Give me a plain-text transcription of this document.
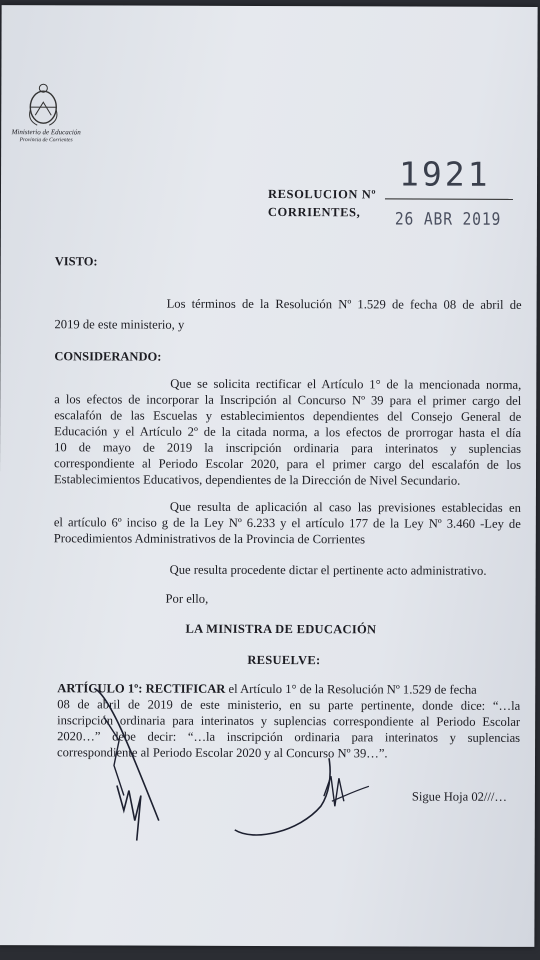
Ministerio de Educación
Provincia de Corrientes
1921
RESOLUCION Nº
CORRIENTES, 26 ABR 2019
VISTO:
Los términos de la Resolución Nº 1.529 de fecha 08 de abril de
2019 de este ministerio, y
CONSIDERANDO:
Que se solicita rectificar el Artículo 1° de la mencionada norma,
a los efectos de incorporar la Inscripción al Concurso Nº 39 para el primer cargo del
escalafón de las Escuelas y establecimientos dependientes del Consejo General de
Educación y el Artículo 2º de la citada norma, a los efectos de prorrogar hasta el día
10 de mayo de 2019 la inscripción ordinaria para interinatos y suplencias
correspondiente al Periodo Escolar 2020, para el primer cargo del escalafón de los
Establecimientos Educativos, dependientes de la Dirección de Nivel Secundario.
Que resulta de aplicación al caso las previsiones establecidas en
el artículo 6º inciso g de la Ley Nº 6.233 y el artículo 177 de la Ley Nº 3.460 -Ley de
Procedimientos Administrativos de la Provincia de Corrientes
Que resulta procedente dictar el pertinente acto administrativo.
Por ello,
LA MINISTRA DE EDUCACIÓN
RESUELVE:
ARTÍCULO 1º: RECTIFICAR el Artículo 1° de la Resolución Nº 1.529 de fecha
08 de abril de 2019 de este ministerio, en su parte pertinente, donde dice: “…la
inscripción ordinaria para interinatos y suplencias correspondiente al Periodo Escolar
2020…” debe decir: “…la inscripción ordinaria para interinatos y suplencias
correspondiente al Periodo Escolar 2020 y al Concurso Nº 39…”.
Sigue Hoja 02///…
